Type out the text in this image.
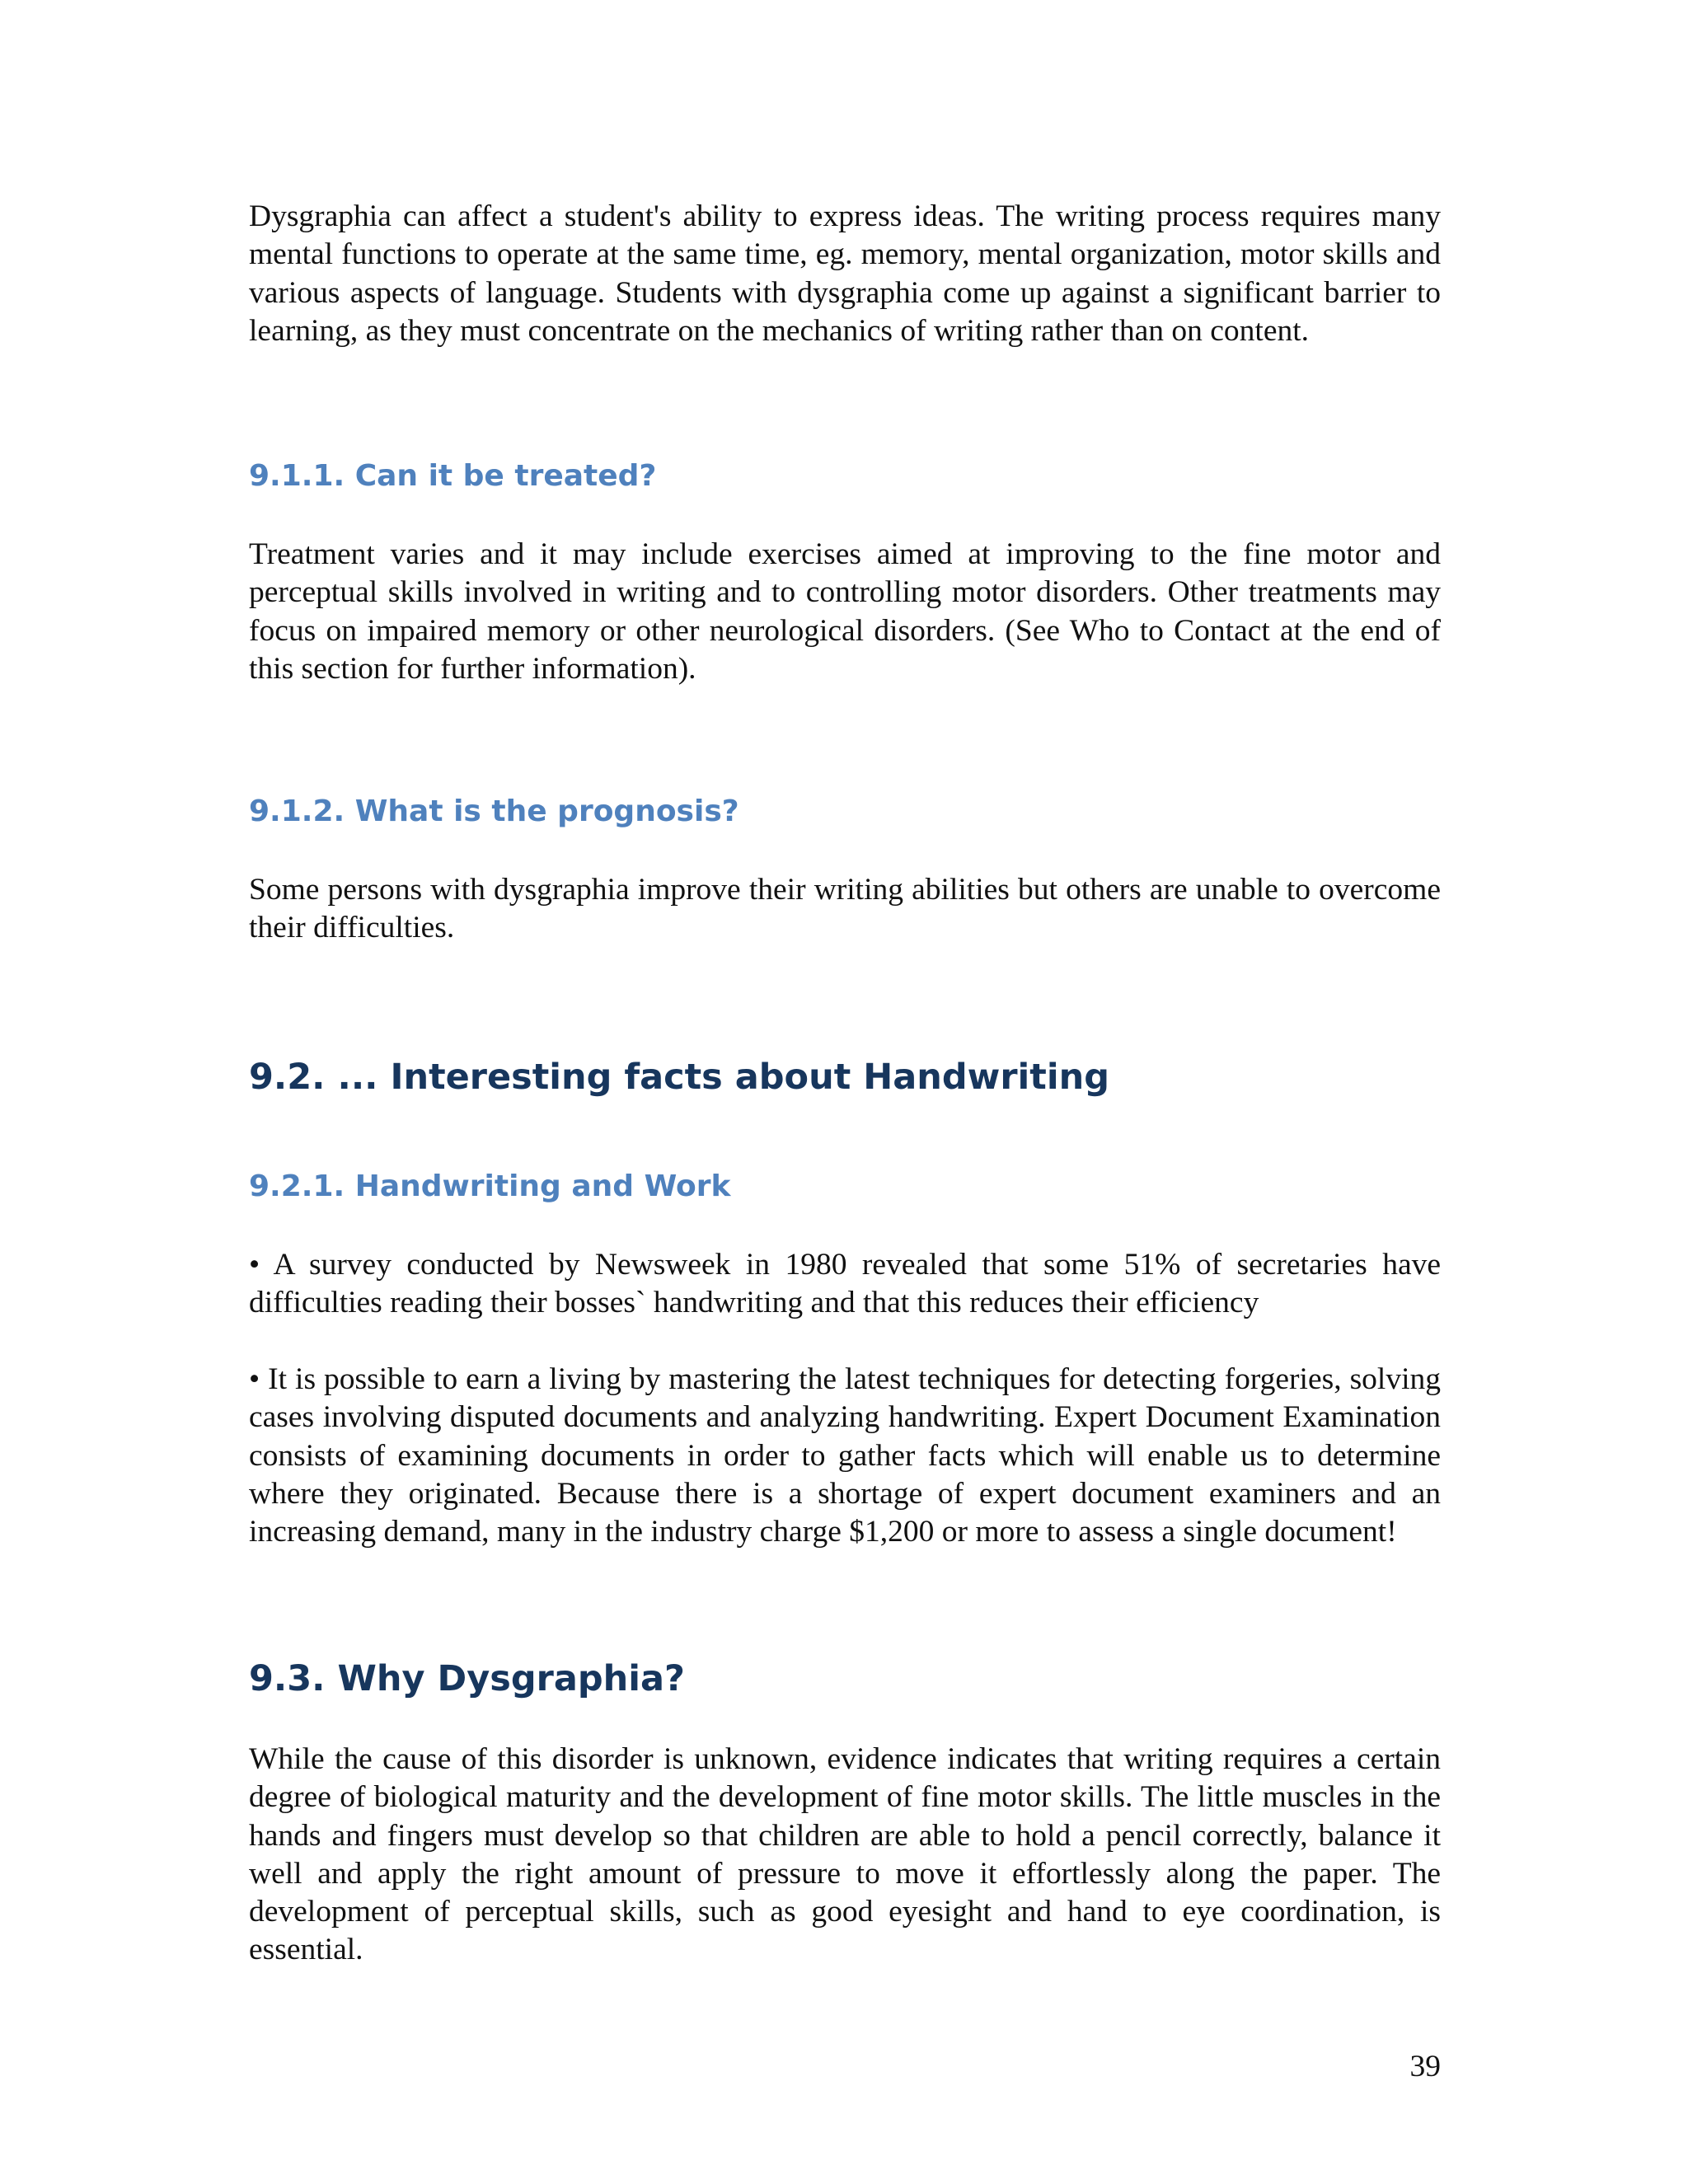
Dysgraphia can affect a student's ability to express ideas. The writing process requires many mental functions to operate at the same time, eg. memory, mental organization, motor skills and various aspects of language. Students with dysgraphia come up against a significant barrier to learning, as they must concentrate on the mechanics of writing rather than on content.

9.1.1. Can it be treated?

Treatment varies and it may include exercises aimed at improving to the fine motor and perceptual skills involved in writing and to controlling motor disorders. Other treatments may focus on impaired memory or other neurological disorders. (See Who to Contact at the end of this section for further information).

9.1.2. What is the prognosis?

Some persons with dysgraphia improve their writing abilities but others are unable to overcome their difficulties.

9.2. ... Interesting facts about Handwriting
9.2.1. Handwriting and Work

• A survey conducted by Newsweek in 1980 revealed that some 51% of secretaries have difficulties reading their bosses` handwriting and that this reduces their efficiency

• It is possible to earn a living by mastering the latest techniques for detecting forgeries, solving cases involving disputed documents and analyzing handwriting. Expert Document Examination consists of examining documents in order to gather facts which will enable us to determine where they originated. Because there is a shortage of expert document examiners and an increasing demand, many in the industry charge $1,200 or more to assess a single document!

9.3. Why Dysgraphia?

While the cause of this disorder is unknown, evidence indicates that writing requires a certain degree of biological maturity and the development of fine motor skills. The little muscles in the hands and fingers must develop so that children are able to hold a pencil correctly, balance it well and apply the right amount of pressure to move it effortlessly along the paper. The development of perceptual skills, such as good eyesight and hand to eye coordination, is essential.

39
